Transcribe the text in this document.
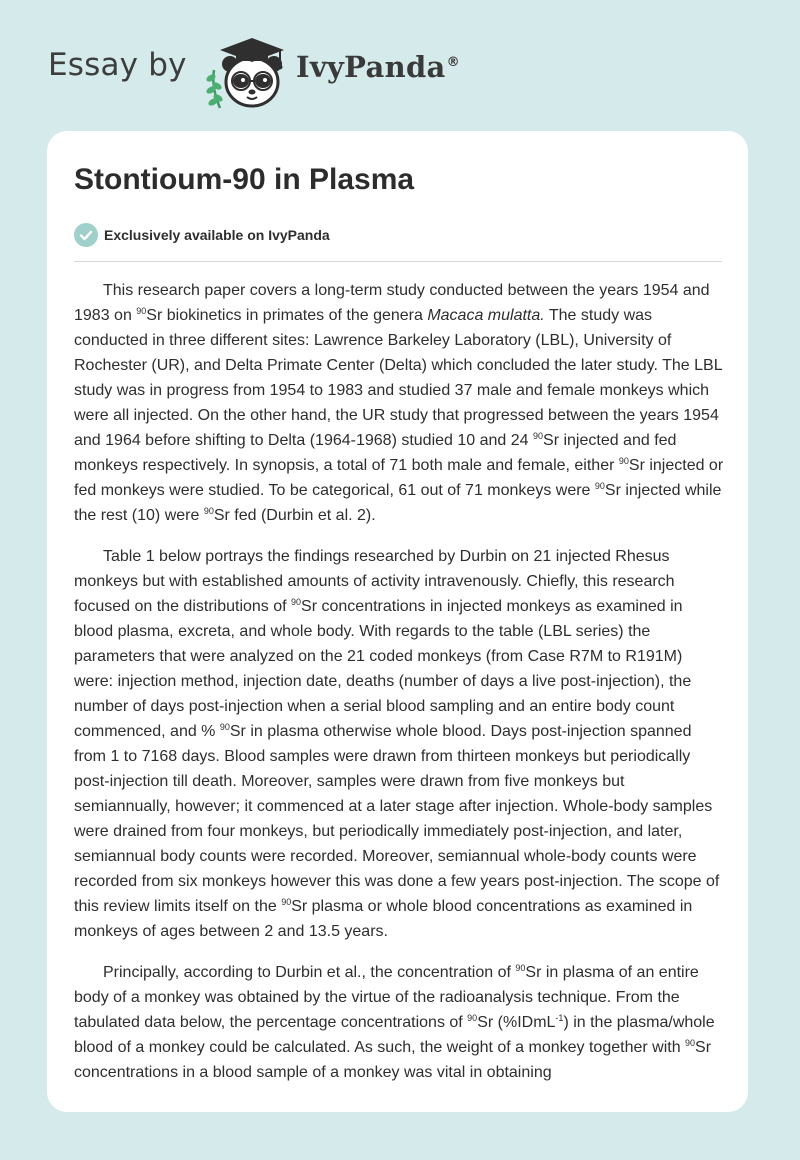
Essay by	IvyPanda®
Stontioum-90 in Plasma
Exclusively available on IvyPanda

This research paper covers a long-term study conducted between the years 1954 and 1983 on $^{90}$Sr biokinetics in primates of the genera Macaca mulatta. The study was conducted in three different sites: Lawrence Barkeley Laboratory (LBL), University of Rochester (UR), and Delta Primate Center (Delta) which concluded the later study. The LBL study was in progress from 1954 to 1983 and studied 37 male and female monkeys which were all injected. On the other hand, the UR study that progressed between the years 1954 and 1964 before shifting to Delta (1964-1968) studied 10 and 24 $^{90}$Sr injected and fed monkeys respectively. In synopsis, a total of 71 both male and female, either $^{90}$Sr injected or fed monkeys were studied. To be categorical, 61 out of 71 monkeys were $^{90}$Sr injected while the rest (10) were $^{90}$Sr fed (Durbin et al. 2).

Table 1 below portrays the findings researched by Durbin on 21 injected Rhesus monkeys but with established amounts of activity intravenously. Chiefly, this research focused on the distributions of $^{90}$Sr concentrations in injected monkeys as examined in blood plasma, excreta, and whole body. With regards to the table (LBL series) the parameters that were analyzed on the 21 coded monkeys (from Case R7M to R191M) were: injection method, injection date, deaths (number of days a live post-injection), the number of days post-injection when a serial blood sampling and an entire body count commenced, and % $^{90}$Sr in plasma otherwise whole blood. Days post-injection spanned from 1 to 7168 days. Blood samples were drawn from thirteen monkeys but periodically post-injection till death. Moreover, samples were drawn from five monkeys but semiannually, however; it commenced at a later stage after injection. Whole-body samples were drained from four monkeys, but periodically immediately post-injection, and later, semiannual body counts were recorded. Moreover, semiannual whole-body counts were recorded from six monkeys however this was done a few years post-injection. The scope of this review limits itself on the $^{90}$Sr plasma or whole blood concentrations as examined in monkeys of ages between 2 and 13.5 years.

Principally, according to Durbin et al., the concentration of $^{90}$Sr in plasma of an entire body of a monkey was obtained by the virtue of the radioanalysis technique. From the tabulated data below, the percentage concentrations of $^{90}$Sr (%IDmL$^{-1}$) in the plasma/whole blood of a monkey could be calculated. As such, the weight of a monkey together with $^{90}$Sr concentrations in a blood sample of a monkey was vital in obtaining
